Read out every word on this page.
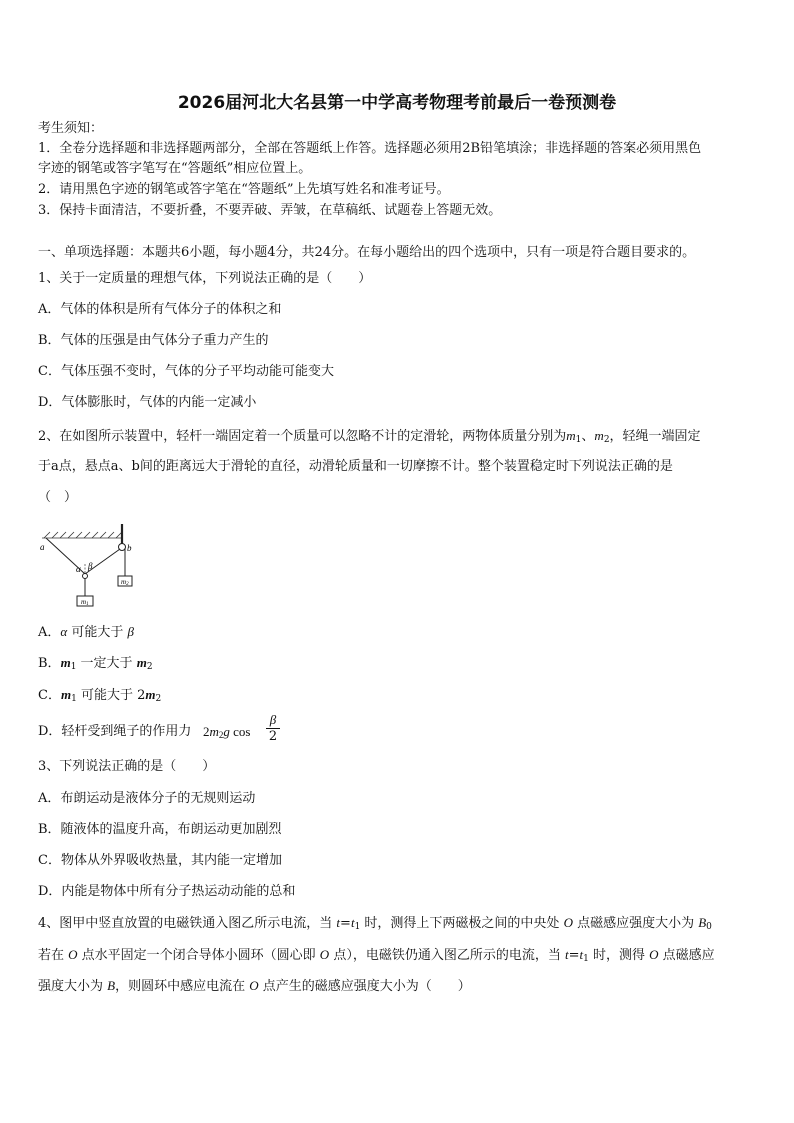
2026届河北大名县第一中学高考物理考前最后一卷预测卷
考生须知：
1．全卷分选择题和非选择题两部分，全部在答题纸上作答。选择题必须用2B铅笔填涂；非选择题的答案必须用黑色
字迹的钢笔或答字笔写在“答题纸”相应位置上。
2．请用黑色字迹的钢笔或答字笔在“答题纸”上先填写姓名和准考证号。
3．保持卡面清洁，不要折叠，不要弄破、弄皱，在草稿纸、试题卷上答题无效。
一、单项选择题：本题共6小题，每小题4分，共24分。在每小题给出的四个选项中，只有一项是符合题目要求的。
1、关于一定质量的理想气体，下列说法正确的是（　　）
A．气体的体积是所有气体分子的体积之和
B．气体的压强是由气体分子重力产生的
C．气体压强不变时，气体的分子平均动能可能变大
D．气体膨胀时，气体的内能一定减小
2、在如图所示装置中，轻杆一端固定着一个质量可以忽略不计的定滑轮，两物体质量分别为$m_1$、$m_2$，轻绳一端固定
于a点，悬点a、b间的距离远大于滑轮的直径，动滑轮质量和一切摩擦不计。整个装置稳定时下列说法正确的是
（　）
a	b
α β
m2
m1
A．α 可能大于 β
B．$m_1$ 一定大于 $m_2$
C．$m_1$ 可能大于 $2m_2$
D．轻杆受到绳子的作用力 $2m_2g$ cos
β
2
3、下列说法正确的是（　　）
A．布朗运动是液体分子的无规则运动
B．随液体的温度升高，布朗运动更加剧烈
C．物体从外界吸收热量，其内能一定增加
D．内能是物体中所有分子热运动动能的总和
4、图甲中竖直放置的电磁铁通入图乙所示电流，当 $t=t_1$ 时，测得上下两磁极之间的中央处 O 点磁感应强度大小为 $B_0$
若在 O 点水平固定一个闭合导体小圆环（圆心即 O 点），电磁铁仍通入图乙所示的电流，当 $t=t_1$ 时，测得 O 点磁感应
强度大小为 B，则圆环中感应电流在 O 点产生的磁感应强度大小为（　　）
